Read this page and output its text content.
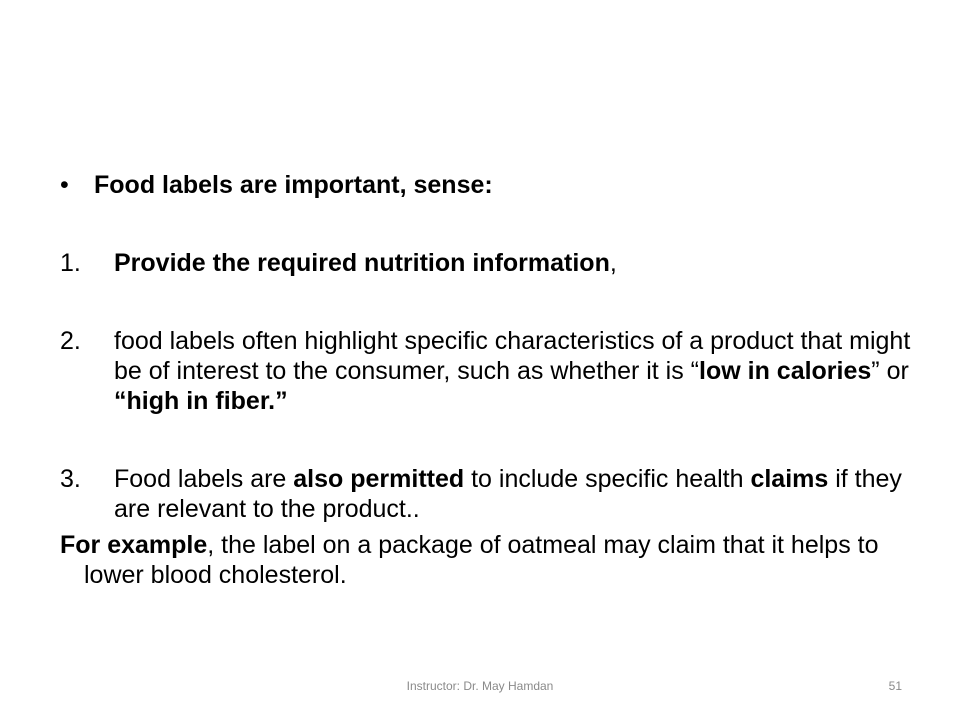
• Food labels are important, sense:
1. Provide the required nutrition information,
2. food labels often highlight specific characteristics of a product that might be of interest to the consumer, such as whether it is “low in calories” or “high in fiber.”
3. Food labels are also permitted to include specific health claims if they are relevant to the product..
For example, the label on a package of oatmeal may claim that it helps to lower blood cholesterol.
Instructor: Dr. May Hamdan	51
